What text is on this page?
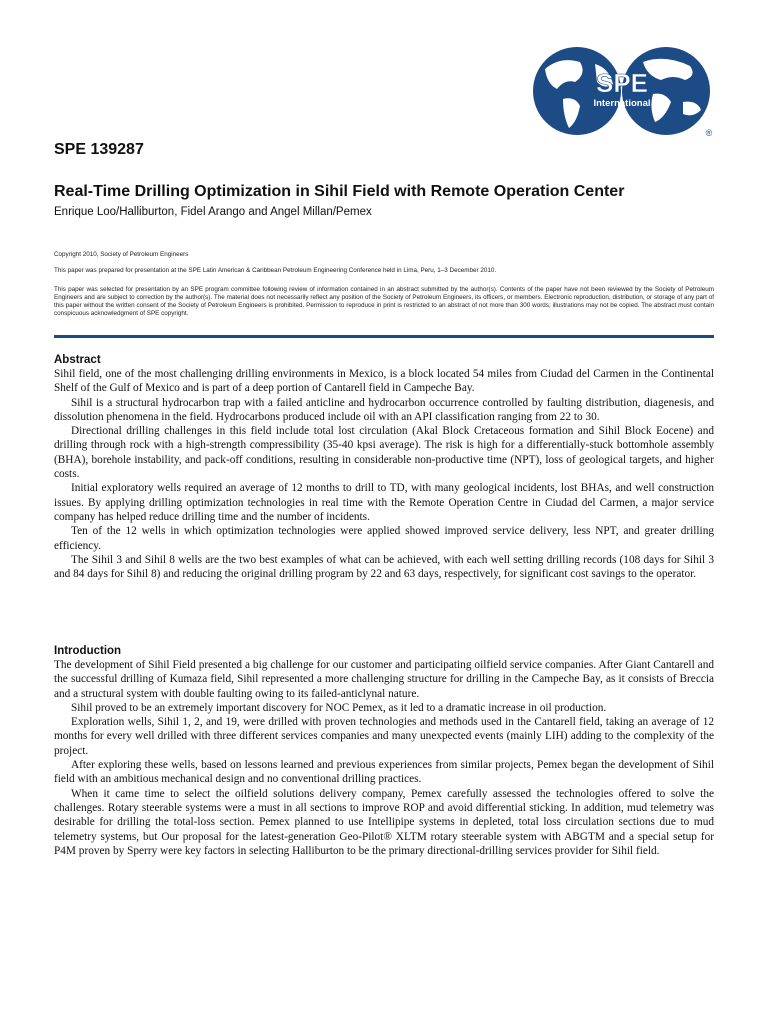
SPE
International
®
SPE 139287
Real-Time Drilling Optimization in Sihil Field with Remote Operation Center
Enrique Loo/Halliburton, Fidel Arango and Angel Millan/Pemex
Copyright 2010, Society of Petroleum Engineers
This paper was prepared for presentation at the SPE Latin American & Caribbean Petroleum Engineering Conference held in Lima, Peru, 1–3 December 2010.
This paper was selected for presentation by an SPE program committee following review of information contained in an abstract submitted by the author(s). Contents of the paper have not been reviewed by the Society of Petroleum Engineers and are subject to correction by the author(s). The material does not necessarily reflect any position of the Society of Petroleum Engineers, its officers, or members. Electronic reproduction, distribution, or storage of any part of this paper without the written consent of the Society of Petroleum Engineers is prohibited. Permission to reproduce in print is restricted to an abstract of not more than 300 words; illustrations may not be copied. The abstract must contain conspicuous acknowledgment of SPE copyright.
Abstract

Sihil field, one of the most challenging drilling environments in Mexico, is a block located 54 miles from Ciudad del Carmen in the Continental Shelf of the Gulf of Mexico and is part of a deep portion of Cantarell field in Campeche Bay.

Sihil is a structural hydrocarbon trap with a failed anticline and hydrocarbon occurrence controlled by faulting distribution, diagenesis, and dissolution phenomena in the field. Hydrocarbons produced include oil with an API classification ranging from 22 to 30.

Directional drilling challenges in this field include total lost circulation (Akal Block Cretaceous formation and Sihil Block Eocene) and drilling through rock with a high-strength compressibility (35-40 kpsi average). The risk is high for a differentially-stuck bottomhole assembly (BHA), borehole instability, and pack-off conditions, resulting in considerable non-productive time (NPT), loss of geological targets, and higher costs.

Initial exploratory wells required an average of 12 months to drill to TD, with many geological incidents, lost BHAs, and well construction issues. By applying drilling optimization technologies in real time with the Remote Operation Centre in Ciudad del Carmen, a major service company has helped reduce drilling time and the number of incidents.

Ten of the 12 wells in which optimization technologies were applied showed improved service delivery, less NPT, and greater drilling efficiency.

The Sihil 3 and Sihil 8 wells are the two best examples of what can be achieved, with each well setting drilling records (108 days for Sihil 3 and 84 days for Sihil 8) and reducing the original drilling program by 22 and 63 days, respectively, for significant cost savings to the operator.

Introduction

The development of Sihil Field presented a big challenge for our customer and participating oilfield service companies. After Giant Cantarell and the successful drilling of Kumaza field, Sihil represented a more challenging structure for drilling in the Campeche Bay, as it consists of Breccia and a structural system with double faulting owing to its failed-anticlynal nature.

Sihil proved to be an extremely important discovery for NOC Pemex, as it led to a dramatic increase in oil production.

Exploration wells, Sihil 1, 2, and 19, were drilled with proven technologies and methods used in the Cantarell field, taking an average of 12 months for every well drilled with three different services companies and many unexpected events (mainly LIH) adding to the complexity of the project.

After exploring these wells, based on lessons learned and previous experiences from similar projects, Pemex began the development of Sihil field with an ambitious mechanical design and no conventional drilling practices.

When it came time to select the oilfield solutions delivery company, Pemex carefully assessed the technologies offered to solve the challenges. Rotary steerable systems were a must in all sections to improve ROP and avoid differential sticking. In addition, mud telemetry was desirable for drilling the total-loss section. Pemex planned to use Intellipipe systems in depleted, total loss circulation sections due to mud telemetry systems, but Our proposal for the latest-generation Geo-Pilot® XLTM rotary steerable system with ABGTM and a special setup for P4M proven by Sperry were key factors in selecting Halliburton to be the primary directional-drilling services provider for Sihil field.
